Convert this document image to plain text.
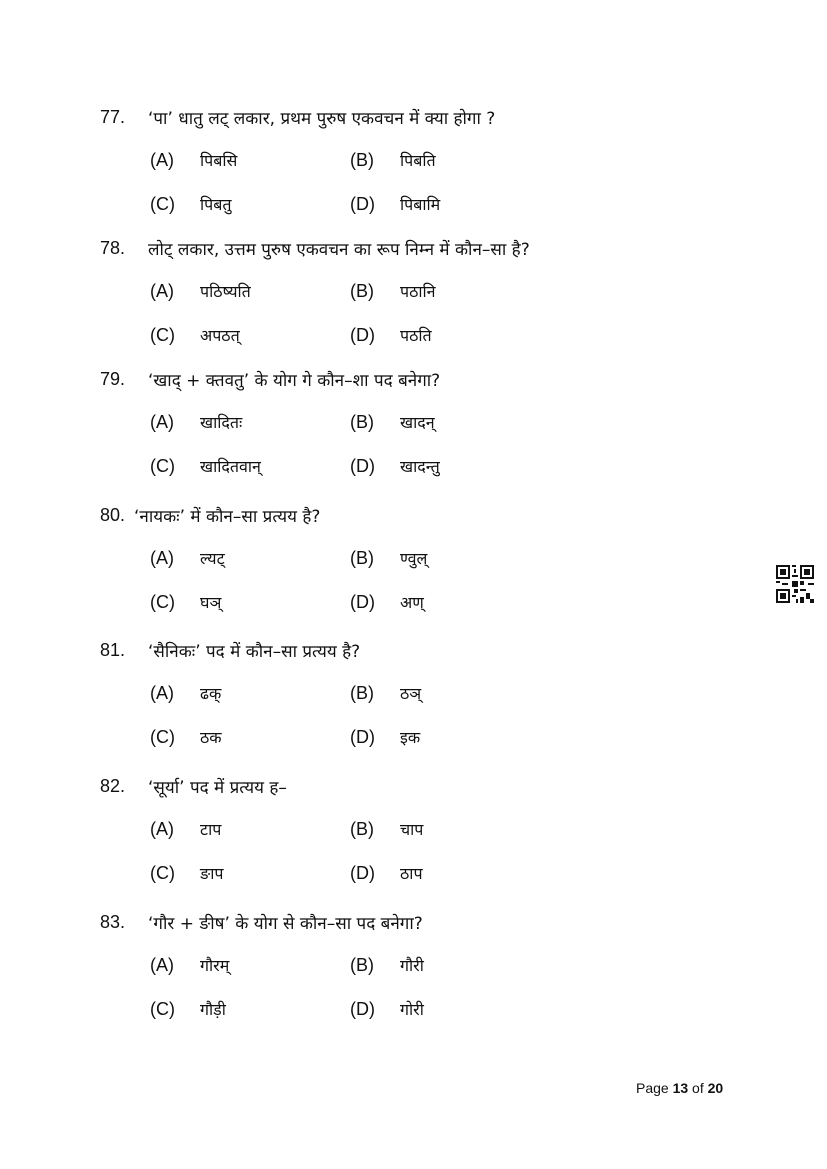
77.	‘पा’ धातु लट् लकार, प्रथम पुरुष एकवचन में क्या होगा ?
(A)	पिबसि	(B)	पिबति
(C)	पिबतु	(D)	पिबामि
78.	लोट् लकार, उत्तम पुरुष एकवचन का रूप निम्न में कौन–सा है?
(A)	पठिष्यति	(B)	पठानि
(C)	अपठत्	(D)	पठति
79.	‘खाद् + क्तवतु’ के योग गे कौन–शा पद बनेगा?
(A)	खादितः	(B)	खादन्
(C)	खादितवान्	(D)	खादन्तु
80. ‘नायकः’ में कौन–सा प्रत्यय है?
(A)	ल्यट्	(B)	ण्वुल्
(C)	घञ्	(D)	अण्
81.	‘सैनिकः’ पद में कौन–सा प्रत्यय है?
(A)	ढक्	(B)	ठञ्
(C)	ठक	(D)	इक
82.	‘सूर्या’ पद में प्रत्यय ह–
(A)	टाप	(B)	चाप
(C)	ङाप	(D)	ठाप
83.	‘गौर + ङीष’ के योग से कौन–सा पद बनेगा?
(A)	गौरम्	(B)	गौरी
(C)	गौड़ी	(D)	गोरी
Page 13 of 20
